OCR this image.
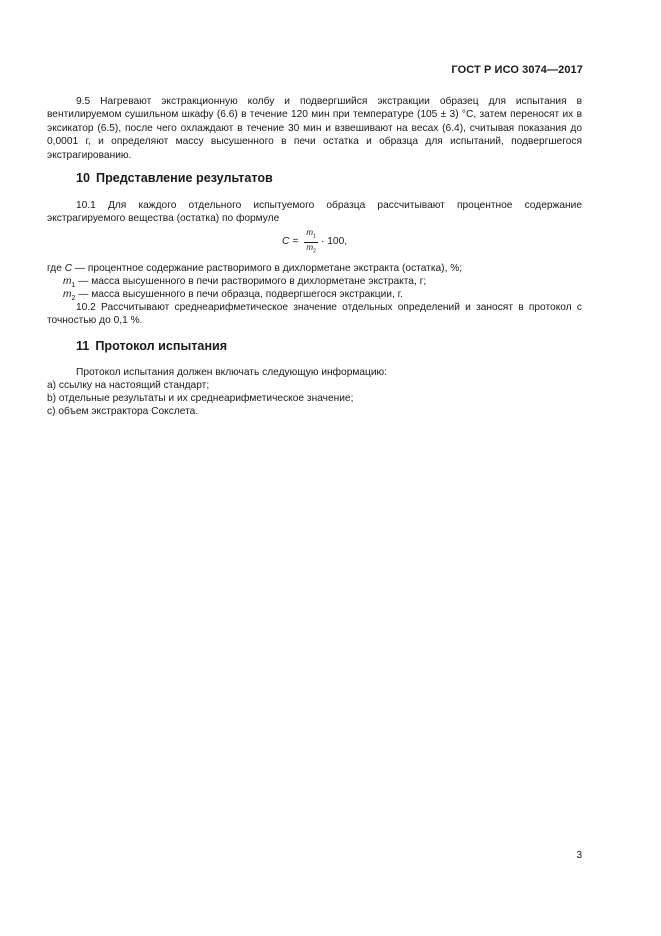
ГОСТ Р ИСО 3074—2017

9.5 Нагревают экстракционную колбу и подвергшийся экстракции образец для испытания в вентилируемом сушильном шкафу (6.6) в течение 120 мин при температуре (105 ± 3) °С, затем переносят их в эксикатор (6.5), после чего охлаждают в течение 30 мин и взвешивают на весах (6.4), считывая показания до 0,0001 г, и определяют массу высушенного в печи остатка и образца для испытаний, подвергшегося экстрагированию.

10 Представление результатов

10.1 Для каждого отдельного испытуемого образца рассчитывают процентное содержание экстрагируемого вещества (остатка) по формуле

$C = \frac{m_1}{m_2} \cdot 100$,
где C — процентное содержание растворимого в дихлорметане экстракта (остатка), %;
$m_1$ — масса высушенного в печи растворимого в дихлорметане экстракта, г;
$m_2$ — масса высушенного в печи образца, подвергшегося экстракции, г.

10.2 Рассчитывают среднеарифметическое значение отдельных определений и заносят в протокол с точностью до 0,1 %.

11 Протокол испытания
Протокол испытания должен включать следующую информацию:
a) ссылку на настоящий стандарт;
b) отдельные результаты и их среднеарифметическое значение;
c) объем экстрактора Сокслета.
3
